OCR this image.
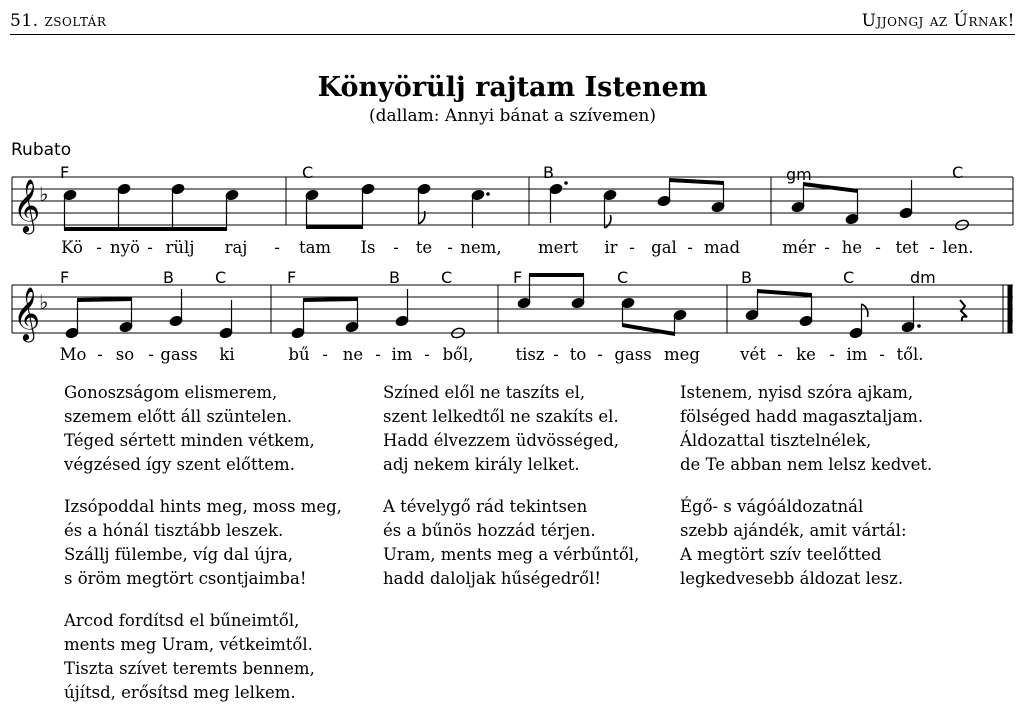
51. zsoltár	Ujjongj az Úrnak!
Könyörülj rajtam Istenem
(dallam: Annyi bánat a szívemen)
Rubato
𝄞
♭
F	C	B	gm	C
Kö - nyö - rülj raj - tam Is - te - nem, mert ir - gal - mad	mér - he - tet - len.
𝄞
♭
F	B	C	F	B	C	F	C	B	C	dm
Mo - so - gass ki	bű - ne - im - ből,	tisz - to - gass meg vét - ke - im - től.
Gonoszságom elismerem,
szemem előtt áll szüntelen.
Téged sértett minden vétkem,
végzésed így szent előttem.
Izsópoddal hints meg, moss meg,
és a hónál tisztább leszek.
Szállj fülembe, víg dal újra,
s öröm megtört csontjaimba!
Arcod fordítsd el bűneimtől,
ments meg Uram, vétkeimtől.
Tiszta szívet teremts bennem,
újítsd, erősítsd meg lelkem.
Színed elől ne taszíts el,
szent lelkedtől ne szakíts el.
Hadd élvezzem üdvösséged,
adj nekem király lelket.
A tévelygő rád tekintsen
és a bűnös hozzád térjen.
Uram, ments meg a vérbűntől,
hadd daloljak hűségedről!
Istenem, nyisd szóra ajkam,
fölséged hadd magasztaljam.
Áldozattal tisztelnélek,
de Te abban nem lelsz kedvet.
Égő- s vágóáldozatnál
szebb ajándék, amit vártál:
A megtört szív teelőtted
legkedvesebb áldozat lesz.
